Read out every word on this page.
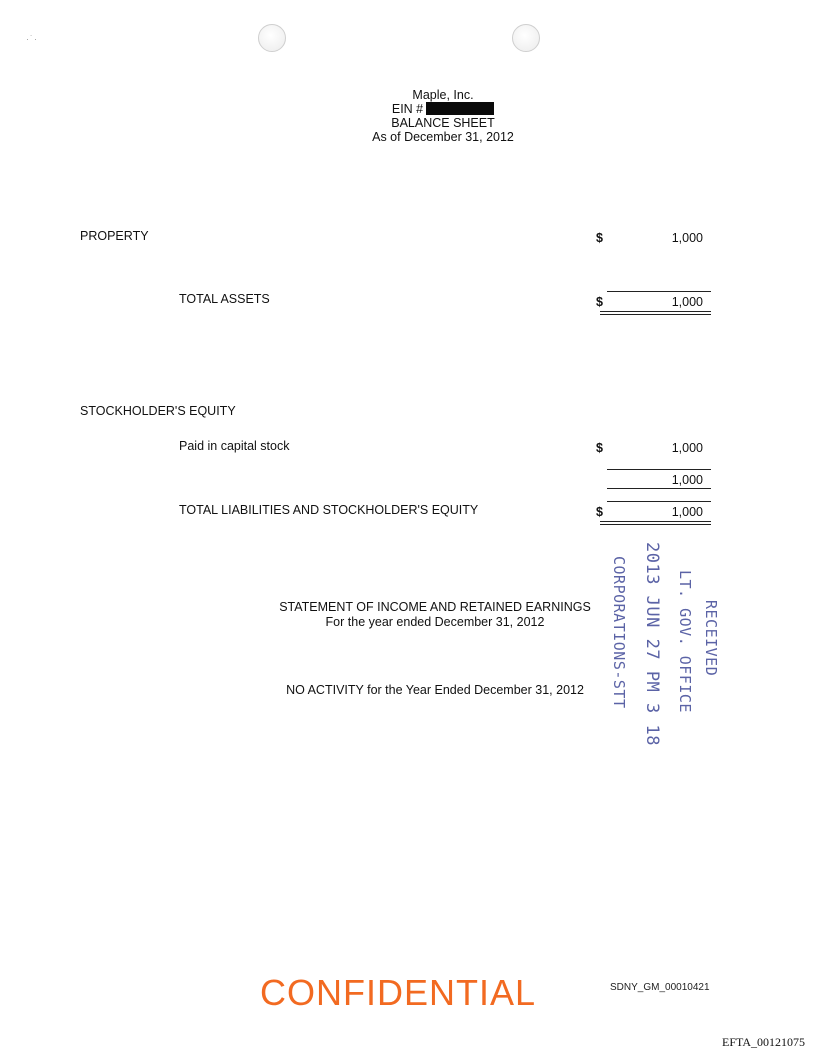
·˙·
Maple, Inc.
EIN #
BALANCE SHEET
As of December 31, 2012
PROPERTY	$	1,000
TOTAL ASSETS	$	1,000
STOCKHOLDER'S EQUITY
Paid in capital stock	$	1,000
1,000
TOTAL LIABILITIES AND STOCKHOLDER'S EQUITY	$	1,000
STATEMENT OF INCOME AND RETAINED EARNINGS
For the year ended December 31, 2012
NO ACTIVITY for the Year Ended December 31, 2012
RECEIVED
LT. GOV. OFFICE
2013 JUN 27 PM 3 18
CORPORATIONS-STT
CONFIDENTIAL	SDNY_GM_00010421
EFTA_00121075
